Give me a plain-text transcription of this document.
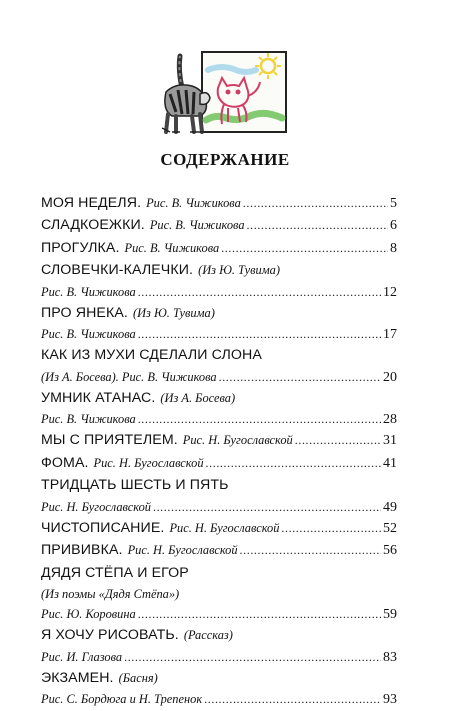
СОДЕРЖАНИЕ
МОЯ НЕДЕЛЯ. Рис. В. Чижикова . . .	5
СЛАДКОЕЖКИ. Рис. В. Чижикова . . .	6
ПРОГУЛКА. Рис. В. Чижикова . . .	8
СЛОВЕЧКИ-КАЛЕЧКИ. (Из Ю. Тувима)
Рис. В. Чижикова . . .	12
ПРО ЯНЕКА. (Из Ю. Тувима)
Рис. В. Чижикова . . .	17
КАК ИЗ МУХИ СДЕЛАЛИ СЛОНА
(Из А. Босева). Рис. В. Чижикова . . .	20
УМНИК АТАНАС. (Из А. Босева)
Рис. В. Чижикова . . .	28
МЫ С ПРИЯТЕЛЕМ. Рис. Н. Бугославской . . .	31
ФОМА. Рис. Н. Бугославской . . .	41
ТРИДЦАТЬ ШЕСТЬ И ПЯТЬ
Рис. Н. Бугославской . . .	49
ЧИСТОПИСАНИЕ. Рис. Н. Бугославской . . .	52
ПРИВИВКА. Рис. Н. Бугославской . . .	56
ДЯДЯ СТЁПА И ЕГОР
(Из поэмы «Дядя Стёпа»)
Рис. Ю. Коровина . . .	59
Я ХОЧУ РИСОВАТЬ. (Рассказ)
Рис. И. Глазова . . .	83
ЭКЗАМЕН. (Басня)
Рис. С. Бордюга и Н. Трепенок . . .	93
